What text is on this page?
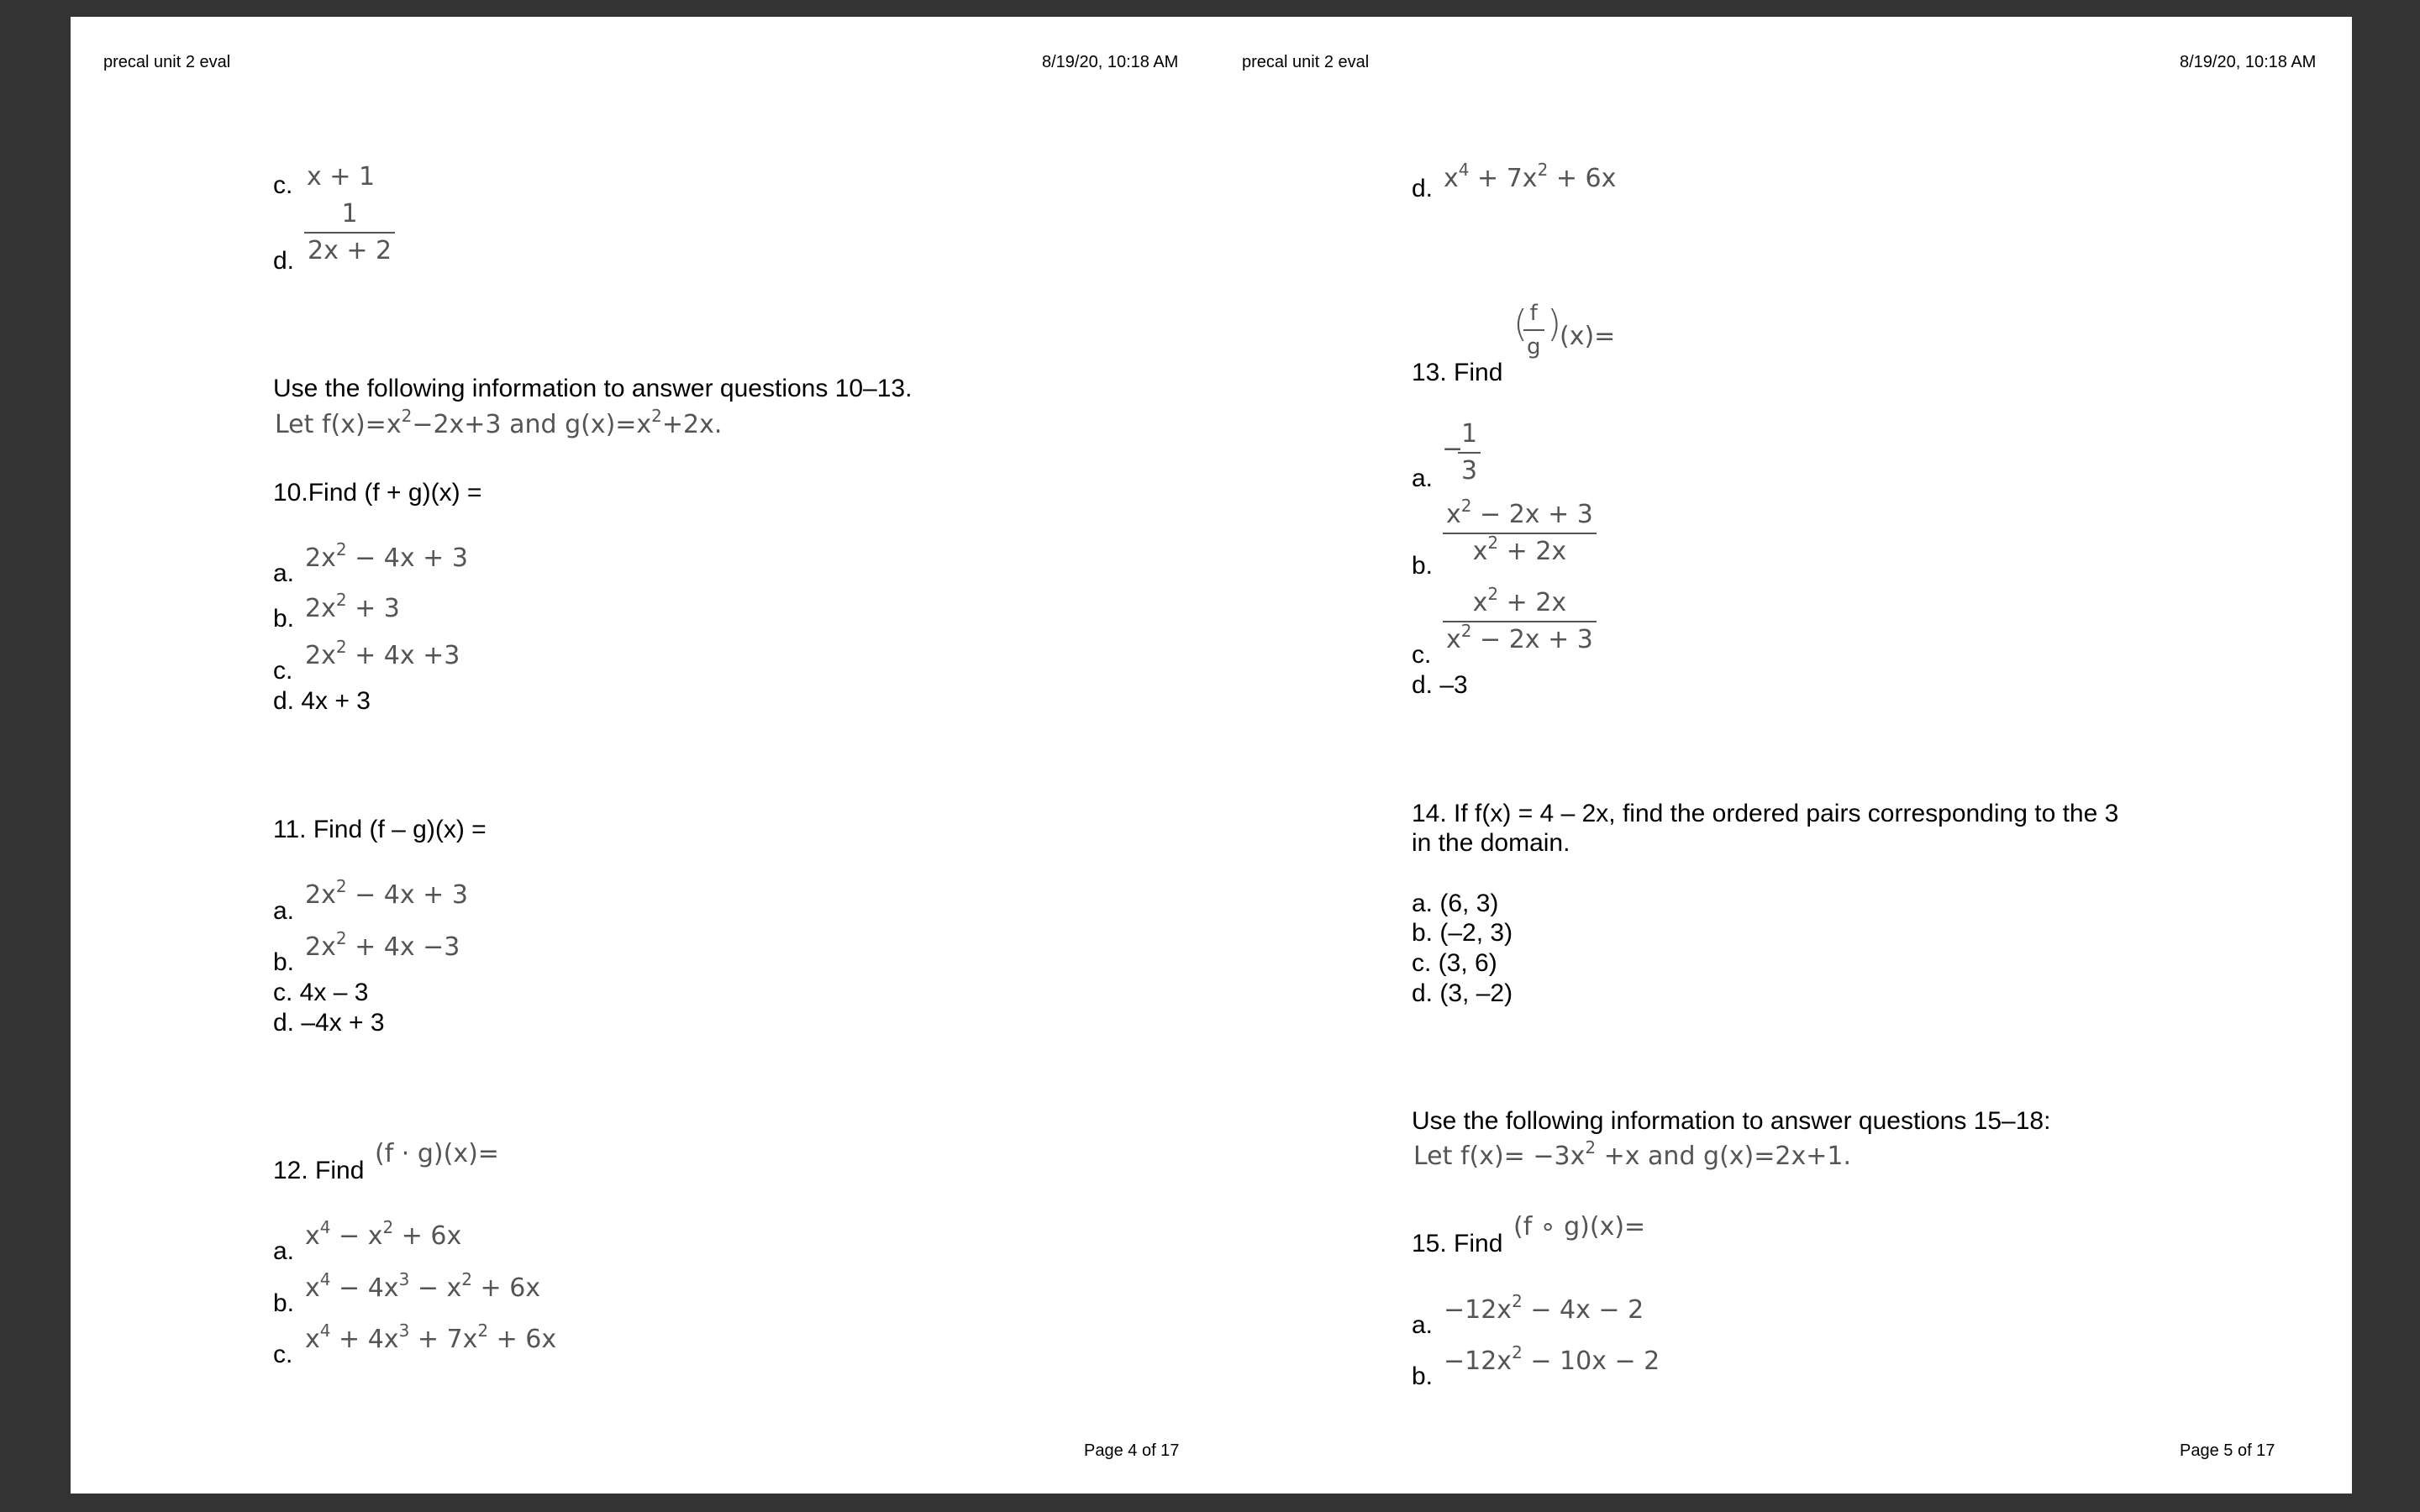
precal unit 2 eval	8/19/20, 10:18 AM
c. x + 1
d. $\frac{1}{2x + 2}$
Use the following information to answer questions 10–13.
Let $f(x)=x^2-2x+3$ and $g(x)=x^2+2x$.
10.Find (f + g)(x) =
a.
$2x^2 - 4x + 3$
b. $2x^2 + 3$
c.
$2x^2 + 4x +3$
d. 4x + 3
11. Find (f – g)(x) =
a.
$2x^2 - 4x + 3$
b.
$2x^2 + 4x -3$
c. 4x – 3
d. –4x + 3
12. Find
(f · g)(x)=
a.
$x^4 - x^2 + 6x$
b.
$x^4 - 4x^3 - x^2 + 6x$
c.
$x^4 + 4x^3 + 7x^2 + 6x$
Page 4 of 17
precal unit 2 eval	8/19/20, 10:18 AM
d. $x^4 + 7x^2 + 6x$
13. Find
(
$\frac{f}{g}$ )
(x)=
a.
−
$\frac{1}{3}$
b.
$\frac{x^2 - 2x + 3}{x^2 + 2x}$
c.
$\frac{x^2 + 2x}{x^2 - 2x + 3}$
d. –3
14. If f(x) = 4 – 2x, find the ordered pairs corresponding to the 3
in the domain.
a. (6, 3)
b. (–2, 3)
c. (3, 6)
d. (3, –2)
Use the following information to answer questions 15–18:
Let $f(x)= -3x^2 +x$ and g(x)=2x+1.
15. Find
(f ∘ g)(x)=
a.
$-12x^2 - 4x - 2$
b.
$-12x^2 - 10x - 2$
Page 5 of 17
